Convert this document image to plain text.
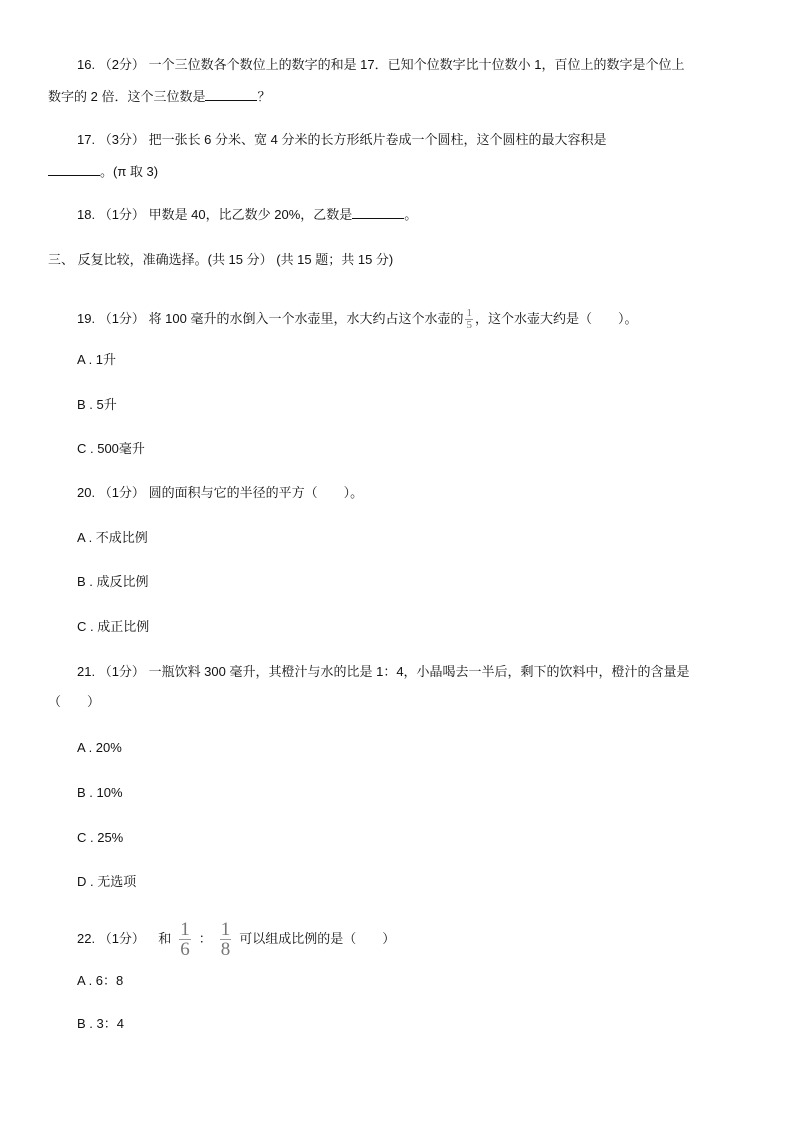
16. （2分） 一个三位数各个数位上的数字的和是 17．已知个位数字比十位数小 1，百位上的数字是个位上
数字的 2 倍．这个三位数是	？
17. （3分） 把一张长 6 分米、宽 4 分米的长方形纸片卷成一个圆柱，这个圆柱的最大容积是
。(π 取 3)
18. （1分） 甲数是 40，比乙数少 20%，乙数是	。
三、 反复比较，准确选择。(共 15 分） (共 15 题；共 15 分)
19. （1分） 将 100 毫升的水倒入一个水壶里，水大约占这个水壶的 $\frac{1}{5}$ ，这个水壶大约是（　　）。
A . 1升
B . 5升
C . 500毫升
20. （1分） 圆的面积与它的半径的平方（　　）。
A . 不成比例
B . 成反比例
C . 成正比例
21. （1分） 一瓶饮料 300 毫升，其橙汁与水的比是 1：4，小晶喝去一半后，剩下的饮料中，橙汁的含量是
（　　）
A . 20%
B . 10%
C . 25%
D . 无选项
22. （1分） 和 $\frac{1}{6}$ ： $\frac{1}{8}$ 可以组成比例的是（　　）
A . 6：8
B . 3：4
